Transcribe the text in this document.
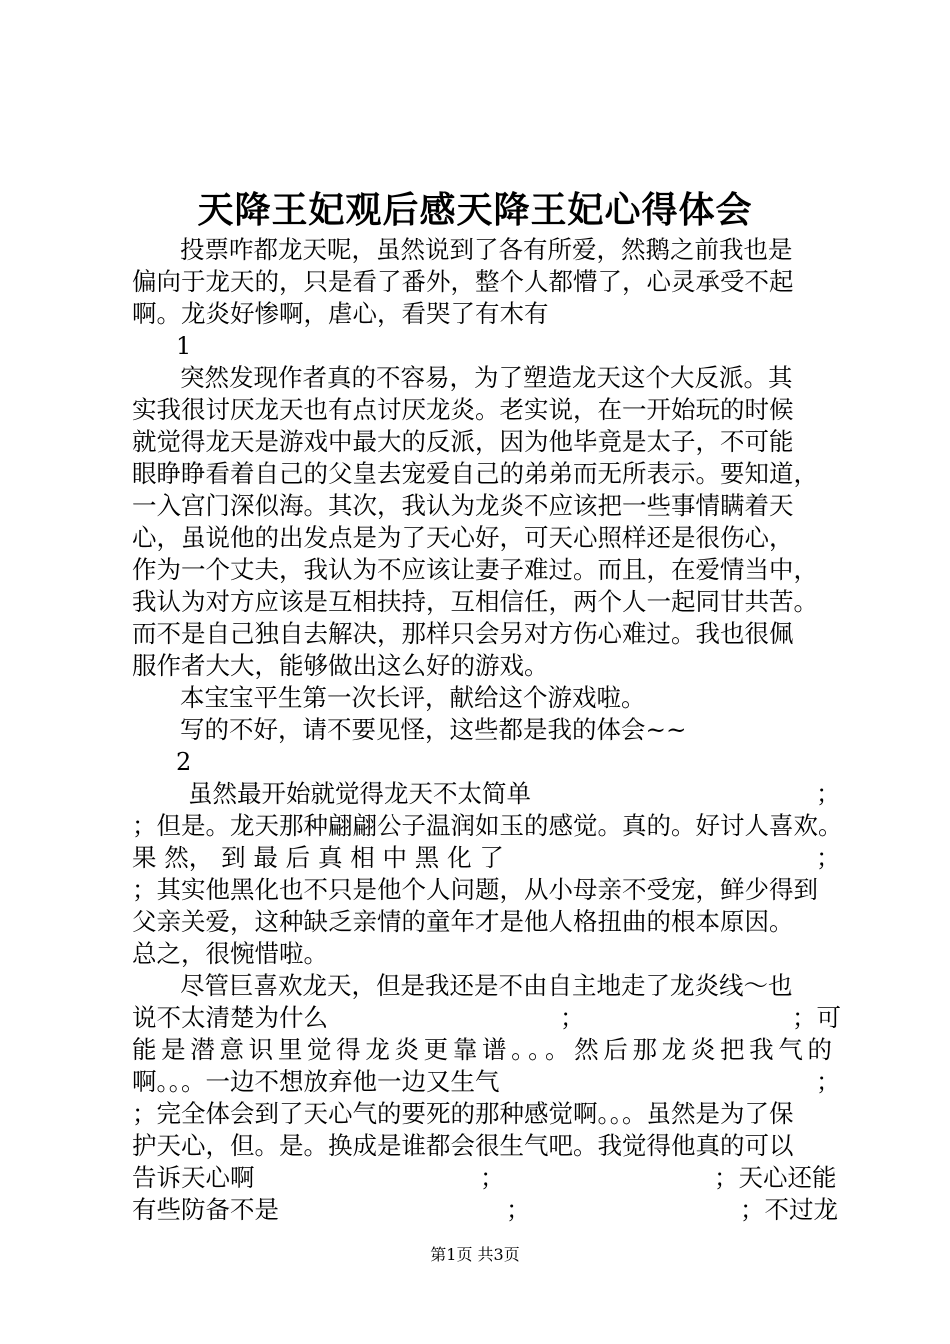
天降王妃观后感天降王妃心得体会
投票咋都龙天呢，虽然说到了各有所爱，然鹅之前我也是
偏向于龙天的，只是看了番外，整个人都懵了，心灵承受不起
啊。龙炎好惨啊，虐心，看哭了有木有
1
突然发现作者真的不容易，为了塑造龙天这个大反派。其
实我很讨厌龙天也有点讨厌龙炎。老实说，在一开始玩的时候
就觉得龙天是游戏中最大的反派，因为他毕竟是太子，不可能
眼睁睁看着自己的父皇去宠爱自己的弟弟而无所表示。要知道，
一入宫门深似海。其次，我认为龙炎不应该把一些事情瞒着天
心，虽说他的出发点是为了天心好，可天心照样还是很伤心，
作为一个丈夫，我认为不应该让妻子难过。而且，在爱情当中，
我认为对方应该是互相扶持，互相信任，两个人一起同甘共苦。
而不是自己独自去解决，那样只会另对方伤心难过。我也很佩
服作者大大，能够做出这么好的游戏。
本宝宝平生第一次长评，献给这个游戏啦。
写的不好，请不要见怪，这些都是我的体会~~
2
虽然最开始就觉得龙天不太简单	；
；但是。龙天那种翩翩公子温润如玉的感觉。真的。好讨人喜欢。
果 然， 到 最 后 真 相 中 黑 化 了	；
；其实他黑化也不只是他个人问题，从小母亲不受宠，鲜少得到
父亲关爱，这种缺乏亲情的童年才是他人格扭曲的根本原因。
总之，很惋惜啦。
尽管巨喜欢龙天，但是我还是不由自主地走了龙炎线～也
说不太清楚为什么	；	；可
能是潜意识里觉得龙炎更靠谱。。。然后那龙炎把我气的
啊。。。一边不想放弃他一边又生气	；
；完全体会到了天心气的要死的那种感觉啊。。。虽然是为了保
护天心，但。是。换成是谁都会很生气吧。我觉得他真的可以
告诉天心啊	；	；天心还能
有些防备不是	；	；不过龙
第1页 共3页
